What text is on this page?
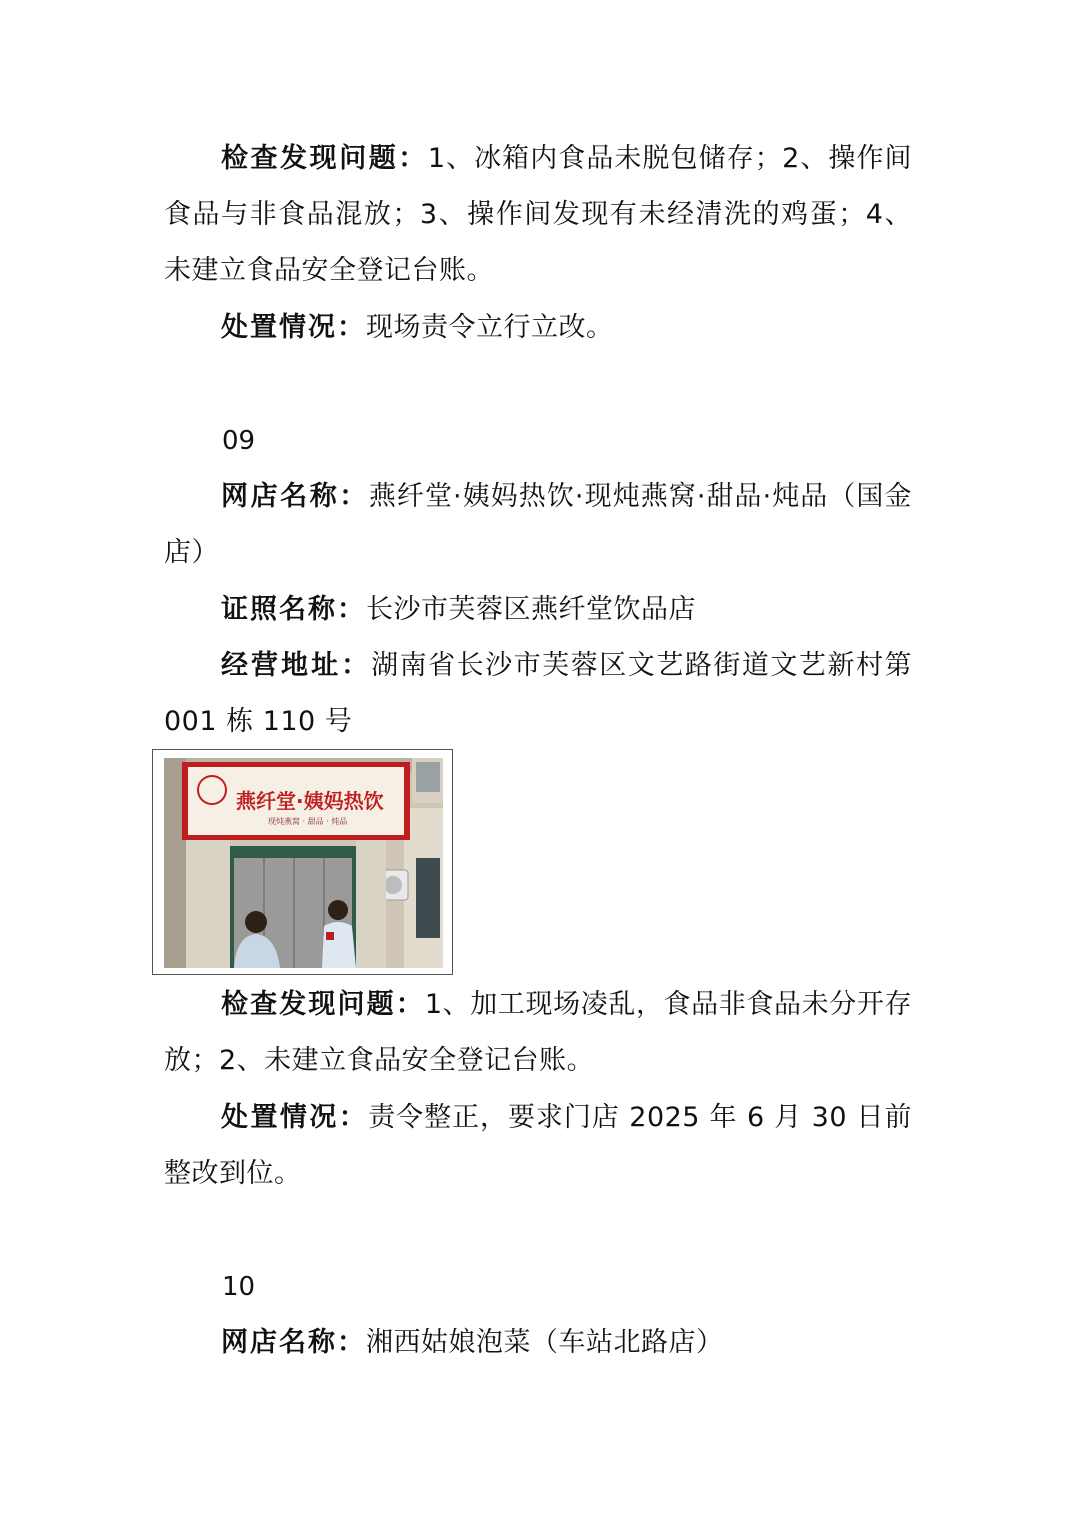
检查发现问题：1、冰箱内食品未脱包储存；2、操作间食品与非食品混放；3、操作间发现有未经清洗的鸡蛋；4、未建立食品安全登记台账。
处置情况：现场责令立行立改。
09
网店名称：燕纤堂·姨妈热饮·现炖燕窝·甜品·炖品（国金店）
证照名称：长沙市芙蓉区燕纤堂饮品店
经营地址：湖南省长沙市芙蓉区文艺路街道文艺新村第 001 栋 110 号
燕纤堂·姨妈热饮
现炖燕窝 · 甜品 · 炖品
检查发现问题：1、加工现场凌乱，食品非食品未分开存放；2、未建立食品安全登记台账。
处置情况：责令整正，要求门店 2025 年 6 月 30 日前整改到位。
10
网店名称：湘西姑娘泡菜（车站北路店）
